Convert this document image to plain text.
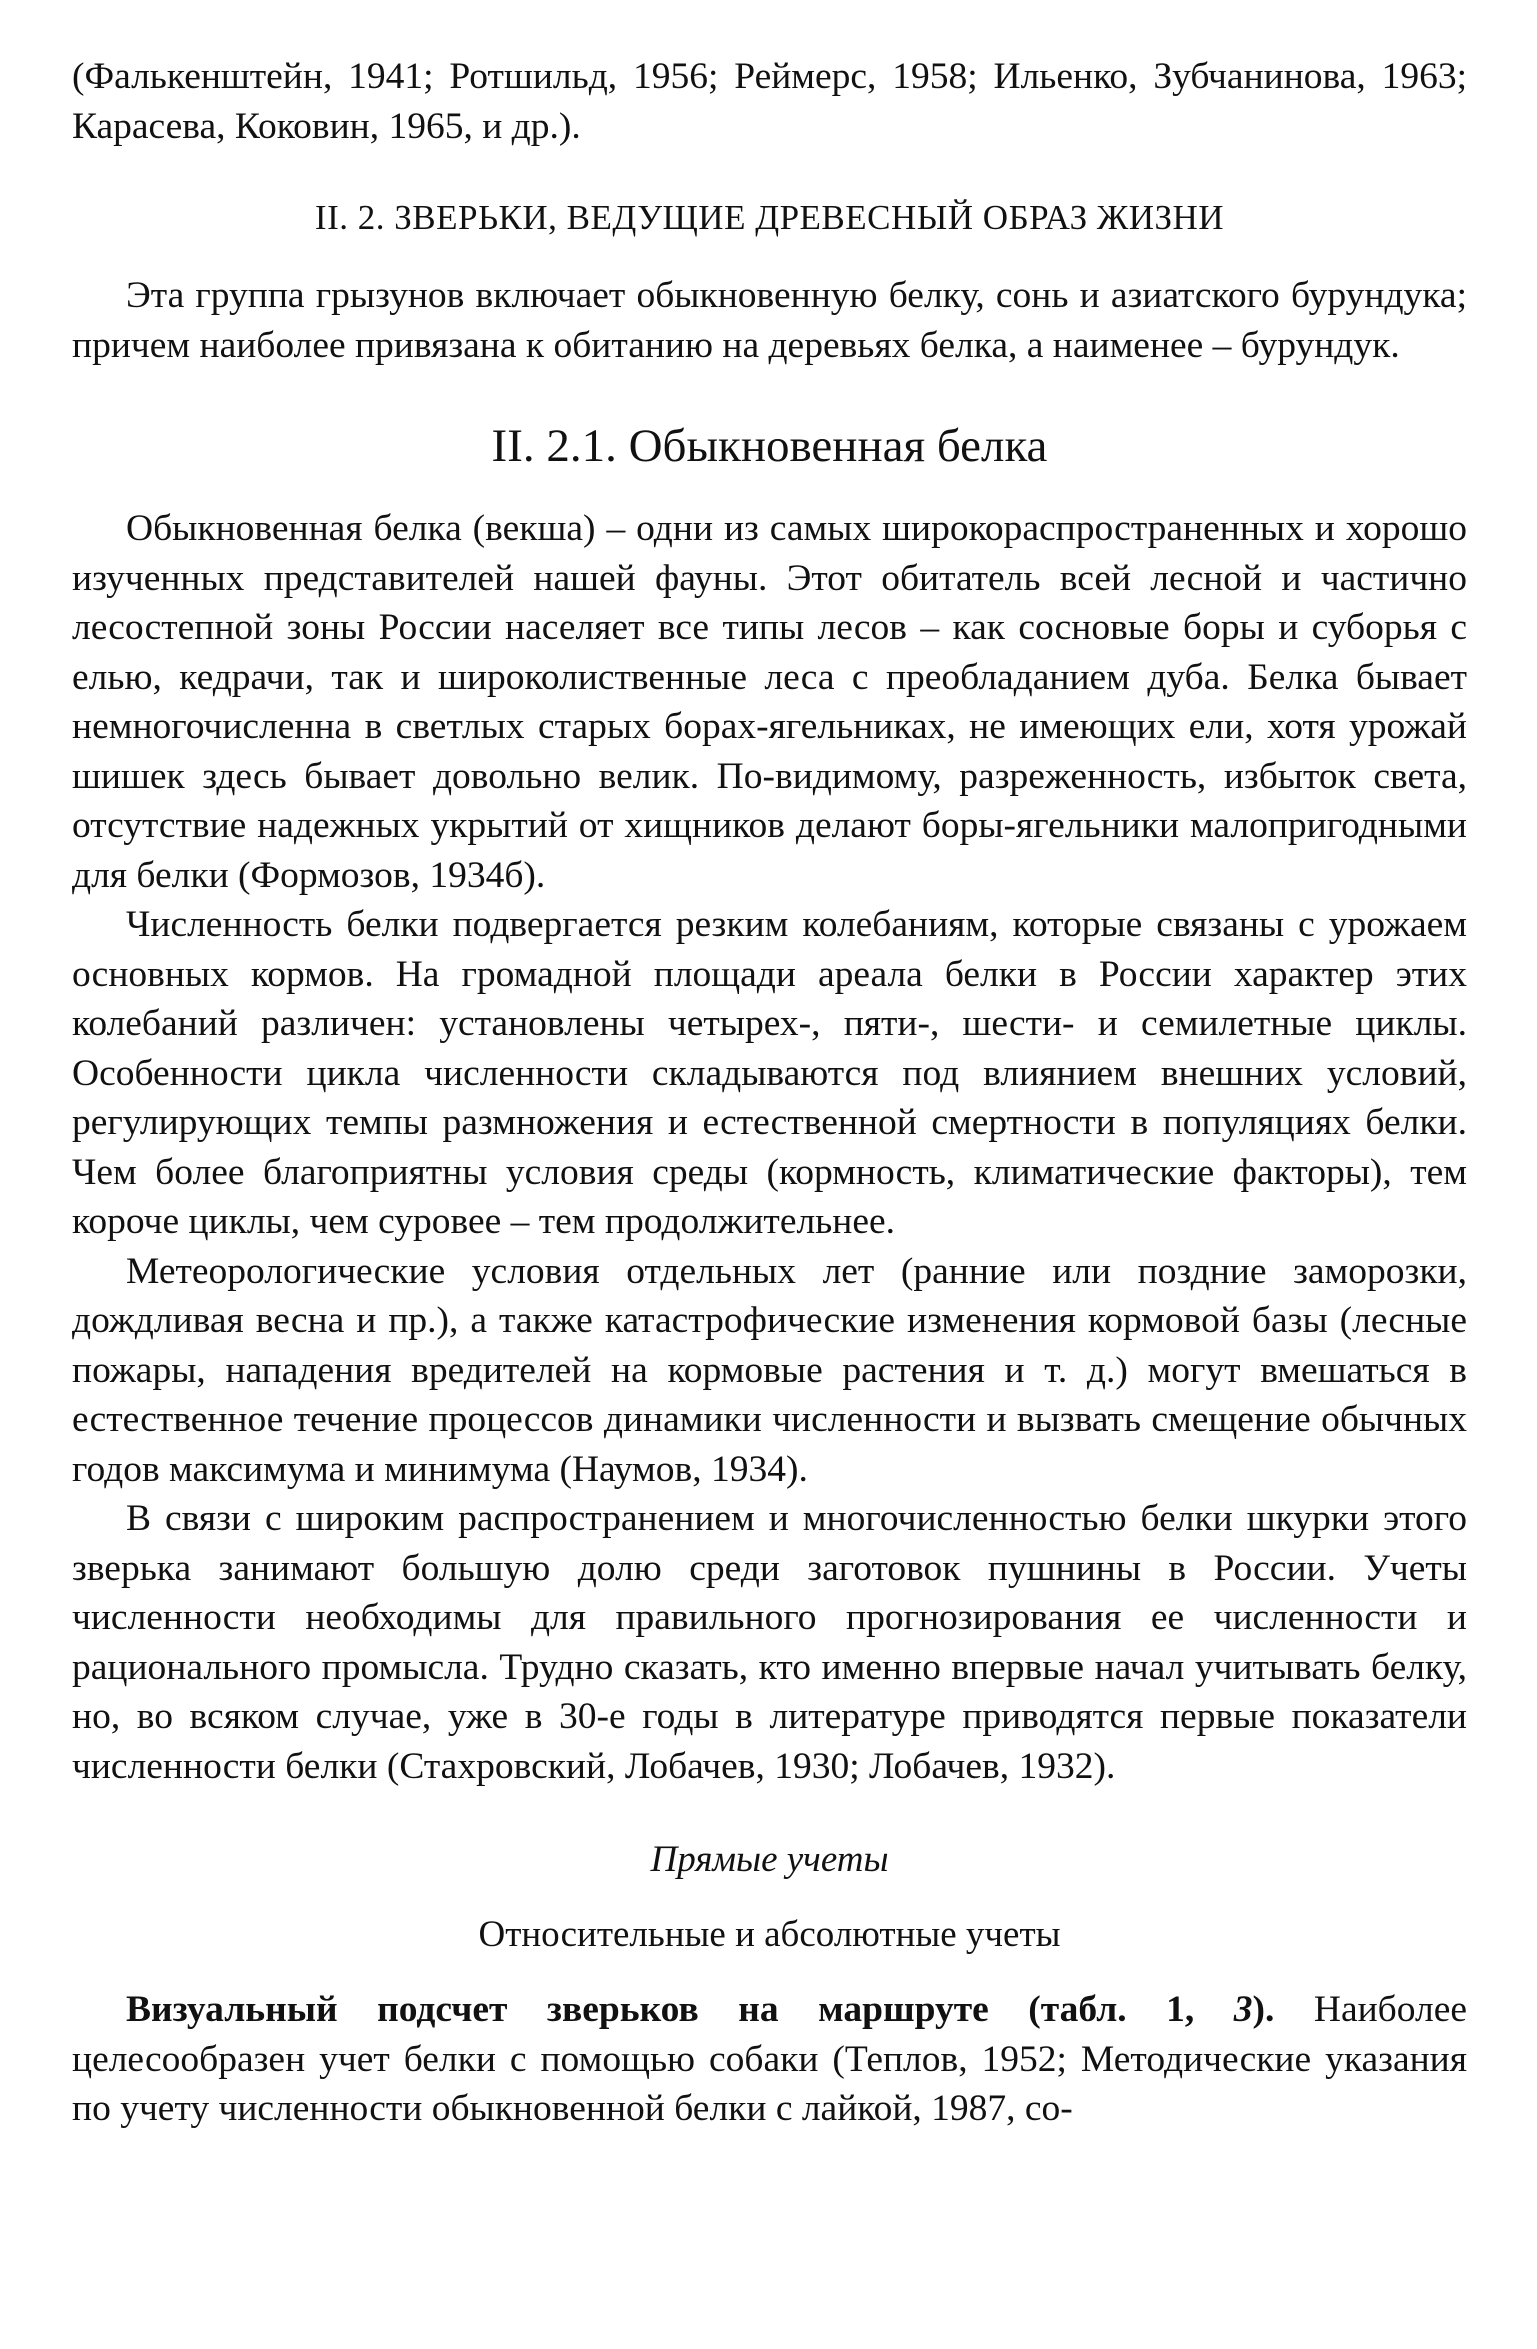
(Фалькенштейн, 1941; Ротшильд, 1956; Реймерс, 1958; Ильенко, Зубчанинова, 1963; Карасева, Коковин, 1965, и др.).

II. 2. ЗВЕРЬКИ, ВЕДУЩИЕ ДРЕВЕСНЫЙ ОБРАЗ ЖИЗНИ

Эта группа грызунов включает обыкновенную белку, сонь и азиатского бурундука; причем наиболее привязана к обитанию на деревьях белка, а наименее – бурундук.

II. 2.1. Обыкновенная белка

Обыкновенная белка (векша) – одни из самых широкораспространенных и хорошо изученных представителей нашей фауны. Этот обитатель всей лесной и частично лесостепной зоны России населяет все типы лесов – как сосновые боры и суборья с елью, кедрачи, так и широколиственные леса с преобладанием дуба. Белка бывает немногочисленна в светлых старых борах-ягельниках, не имеющих ели, хотя урожай шишек здесь бывает довольно велик. По-видимому, разреженность, избыток света, отсутствие надежных укрытий от хищников делают боры-ягельники малопригодными для белки (Формозов, 1934б).

Численность белки подвергается резким колебаниям, которые связаны с урожаем основных кормов. На громадной площади ареала белки в России характер этих колебаний различен: установлены четырех-, пяти-, шести- и семилетные циклы. Особенности цикла численности складываются под влиянием внешних условий, регулирующих темпы размножения и естественной смертности в популяциях белки. Чем более благоприятны условия среды (кормность, климатические факторы), тем короче циклы, чем суровее – тем продолжительнее.

Метеорологические условия отдельных лет (ранние или поздние заморозки, дождливая весна и пр.), а также катастрофические изменения кормовой базы (лесные пожары, нападения вредителей на кормовые растения и т. д.) могут вмешаться в естественное течение процессов динамики численности и вызвать смещение обычных годов максимума и минимума (Наумов, 1934).

В связи с широким распространением и многочисленностью белки шкурки этого зверька занимают большую долю среди заготовок пушнины в России. Учеты численности необходимы для правильного прогнозирования ее численности и рационального промысла. Трудно сказать, кто именно впервые начал учитывать белку, но, во всяком случае, уже в 30-е годы в литературе приводятся первые показатели численности белки (Стахровский, Лобачев, 1930; Лобачев, 1932).

Прямые учеты

Относительные и абсолютные учеты

Визуальный подсчет зверьков на маршруте (табл. 1, 3). Наиболее целесообразен учет белки с помощью собаки (Теплов, 1952; Методические указания по учету численности обыкновенной белки с лайкой, 1987, со-
